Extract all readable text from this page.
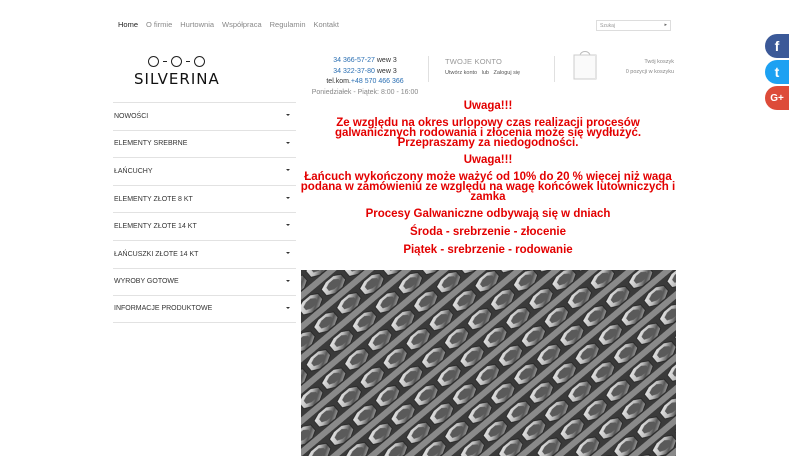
Home O firmie Hurtownia Współpraca Regulamin Kontakt	Szukaj	▸
SILVERINA
34 366-57-27 wew 3
34 322-37-80 wew 3
tel.kom.+48 570 466 366
Poniedziałek - Piątek: 8:00 - 16:00
TWOJE KONTO
Utwórz konto lub Zaloguj się
Twój koszyk
0 pozycji w koszyku
NOWOŚCI
ELEMENTY SREBRNE
ŁAŃCUCHY
ELEMENTY ZŁOTE 8 KT
ELEMENTY ZŁOTE 14 KT
ŁAŃCUSZKI ZŁOTE 14 KT
WYROBY GOTOWE
INFORMACJE PRODUKTOWE

Uwaga!!!

Ze względu na okres urlopowy czas realizacji procesów galwanicznych rodowania i złocenia może się wydłużyć. Przepraszamy za niedogodności.

Uwaga!!!

Łańcuch wykończony może ważyć od 10% do 20 % więcej niż waga podana w zamówieniu ze względu na wagę końcówek lutowniczych i zamka

Procesy Galwaniczne odbywają się w dniach

Środa - srebrzenie - złocenie

Piątek - srebrzenie - rodowanie

f
t
G+
